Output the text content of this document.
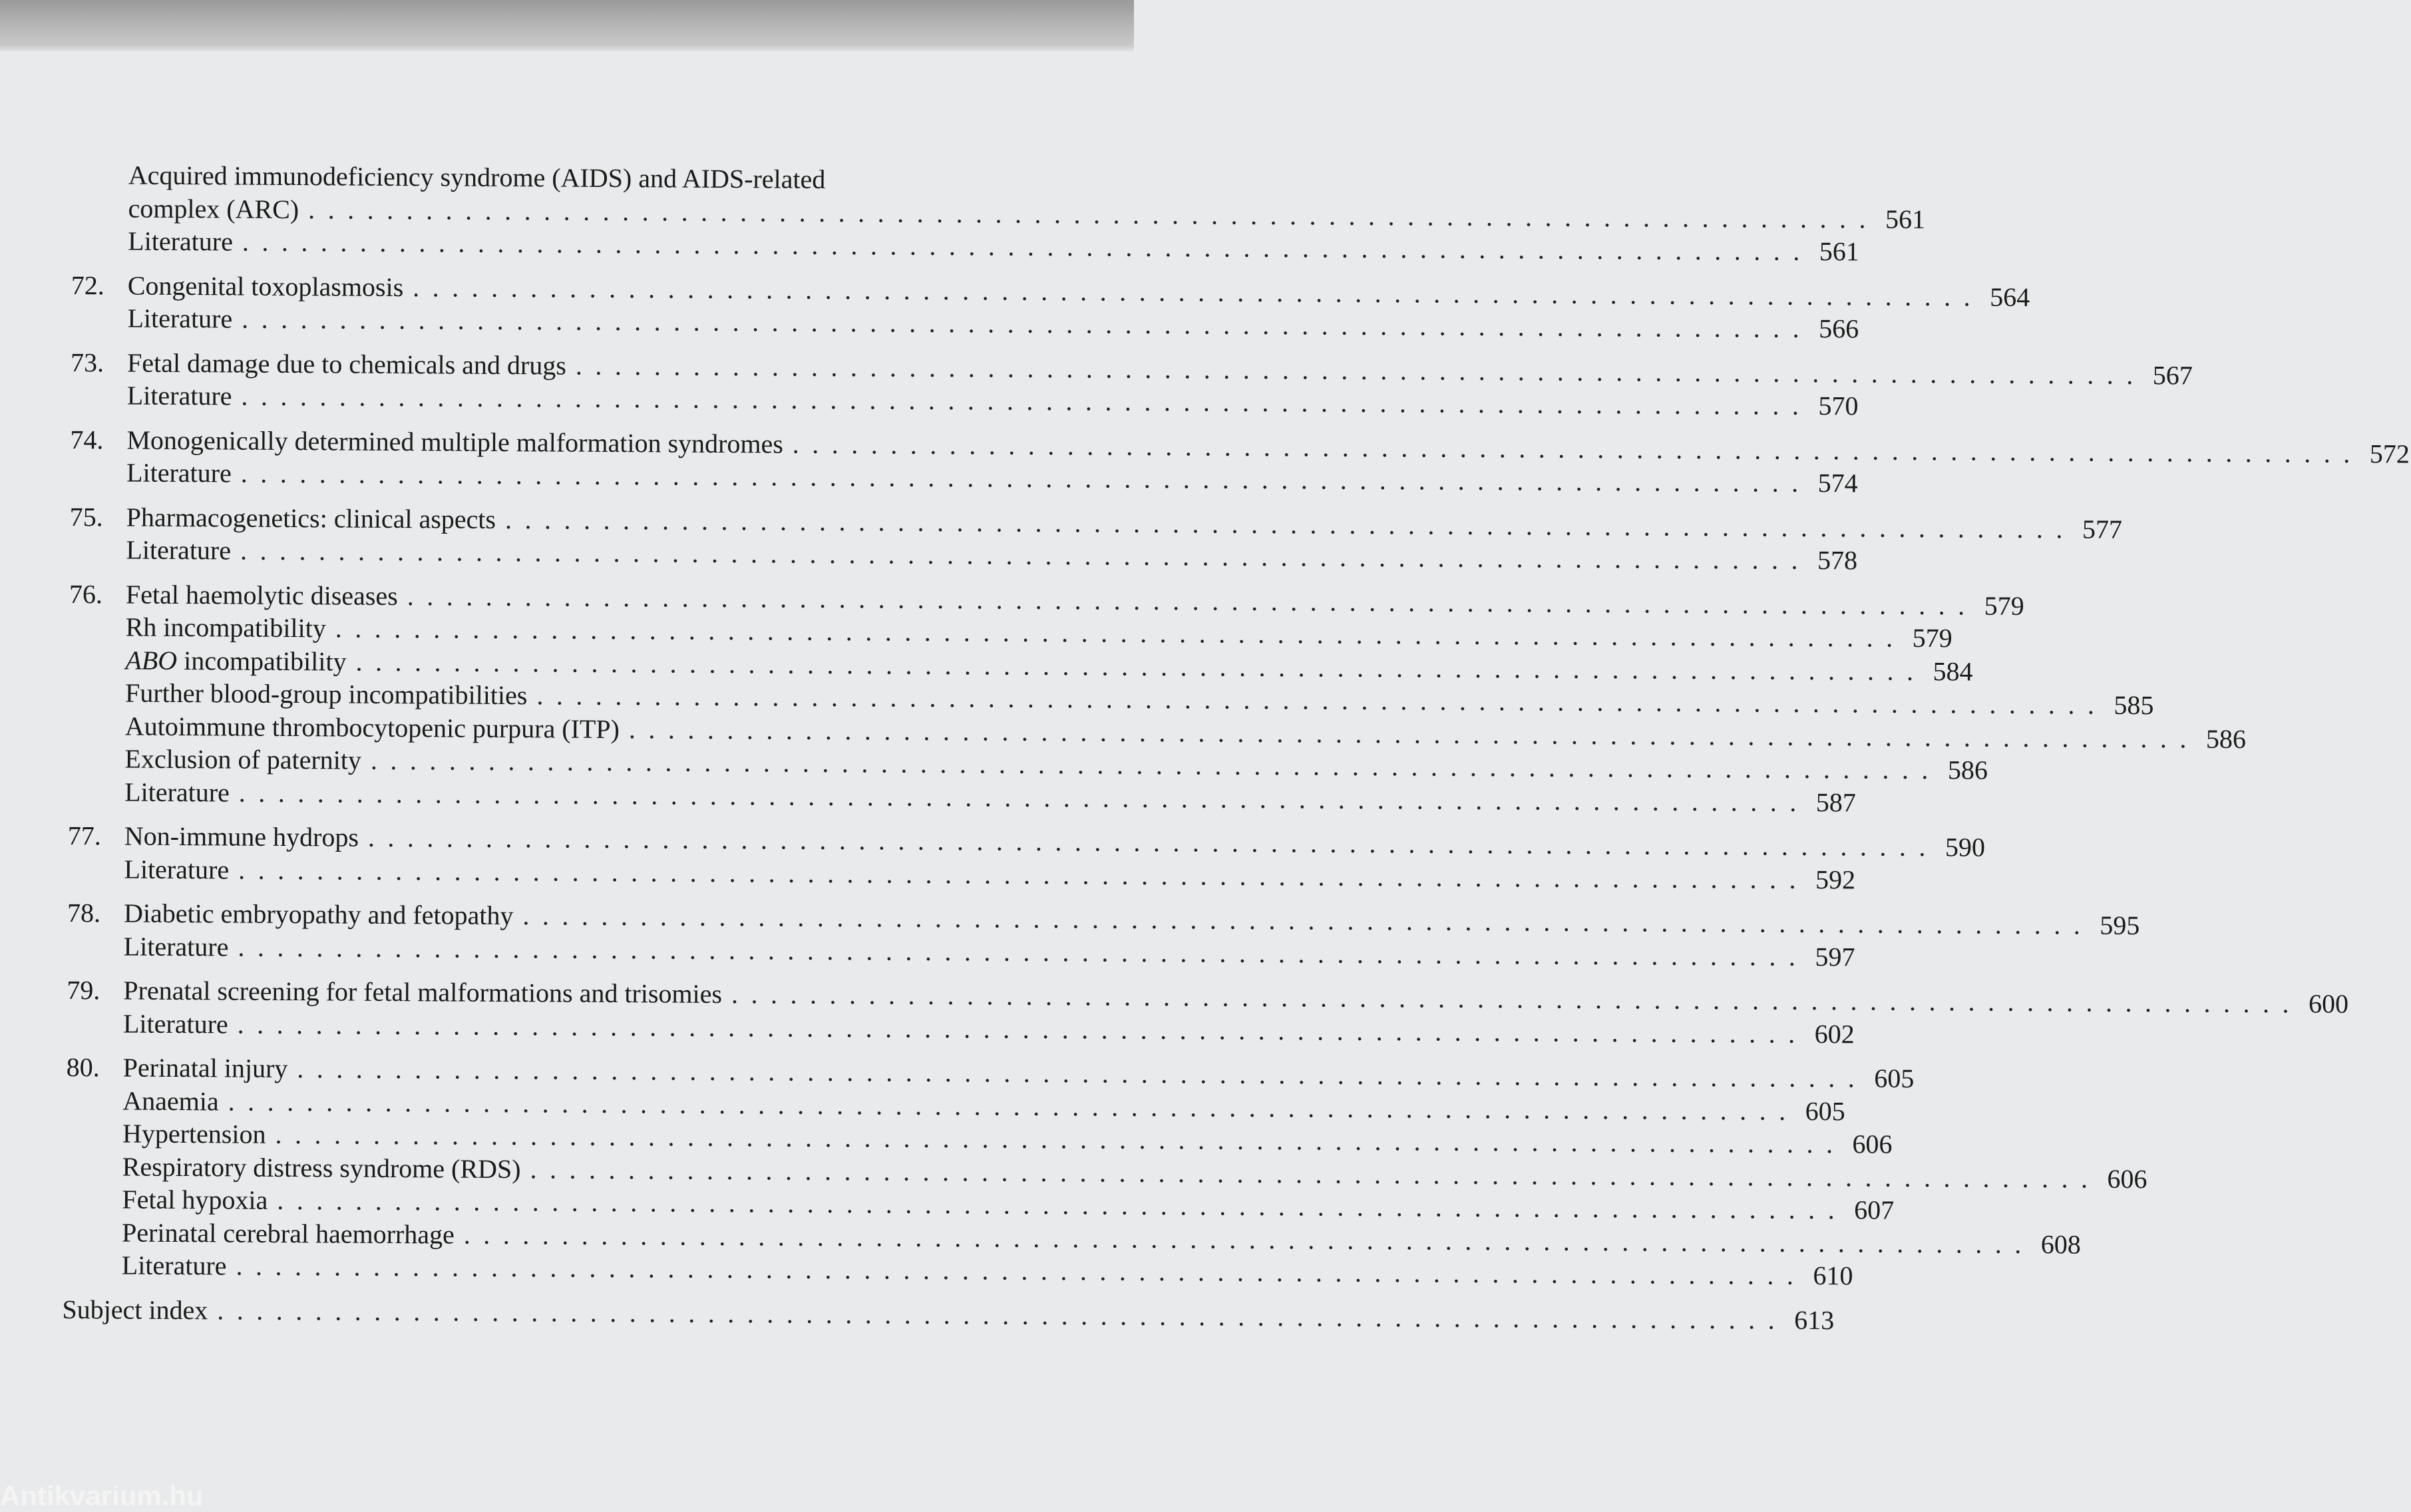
Acquired immunodeficiency syndrome (AIDS) and AIDS-related
complex (ARC) ................................................................................ 561
Literature ................................................................................ 561
72. Congenital toxoplasmosis ................................................................................ 564
Literature ................................................................................ 566
73. Fetal damage due to chemicals and drugs ................................................................................ 567
Literature ................................................................................ 570
74. Monogenically determined multiple malformation syndromes ................................................................................ 572
Literature ................................................................................ 574
75. Pharmacogenetics: clinical aspects ................................................................................ 577
Literature ................................................................................ 578
76. Fetal haemolytic diseases ................................................................................ 579
Rh incompatibility ................................................................................ 579
ABO incompatibility ................................................................................ 584
Further blood-group incompatibilities ................................................................................ 585
Autoimmune thrombocytopenic purpura (ITP) ................................................................................ 586
Exclusion of paternity ................................................................................ 586
Literature ................................................................................ 587
77. Non-immune hydrops ................................................................................ 590
Literature ................................................................................ 592
78. Diabetic embryopathy and fetopathy ................................................................................ 595
Literature ................................................................................ 597
79. Prenatal screening for fetal malformations and trisomies ................................................................................ 600
Literature ................................................................................ 602
80. Perinatal injury ................................................................................ 605
Anaemia ................................................................................ 605
Hypertension ................................................................................ 606
Respiratory distress syndrome (RDS) ................................................................................ 606
Fetal hypoxia ................................................................................ 607
Perinatal cerebral haemorrhage ................................................................................ 608
Literature ................................................................................ 610
Subject index ................................................................................ 613
Antikvarium.hu
